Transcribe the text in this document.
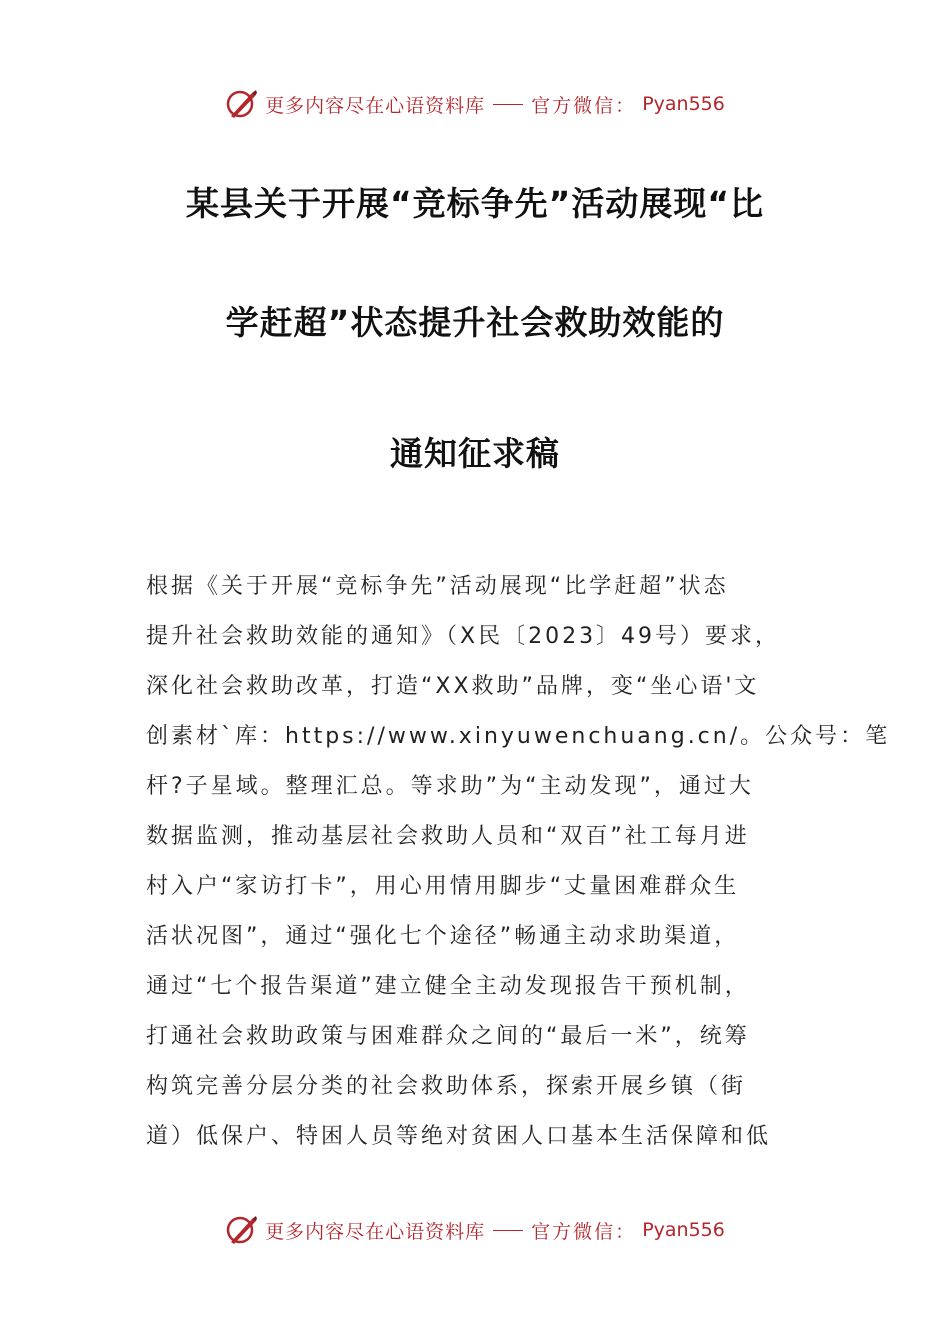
更多内容尽在心语资料库 官方微信： Pyan556
某县关于开展“竞标争先”活动展现“比
学赶超”状态提升社会救助效能的
通知征求稿
根据《关于开展“竞标争先”活动展现“比学赶超”状态
提升社会救助效能的通知》（X民〔2023〕49号）要求，
深化社会救助改革，打造“XX救助”品牌，变“坐心语'文
创素材`库：https://www.xinyuwenchuang.cn/。公众号：笔
杆?子星域。整理汇总。等求助”为“主动发现”，通过大
数据监测，推动基层社会救助人员和“双百”社工每月进
村入户“家访打卡”，用心用情用脚步“丈量困难群众生
活状况图”，通过“强化七个途径”畅通主动求助渠道，
通过“七个报告渠道”建立健全主动发现报告干预机制，
打通社会救助政策与困难群众之间的“最后一米”，统筹
构筑完善分层分类的社会救助体系，探索开展乡镇（街
道）低保户、特困人员等绝对贫困人口基本生活保障和低
更多内容尽在心语资料库 官方微信： Pyan556
